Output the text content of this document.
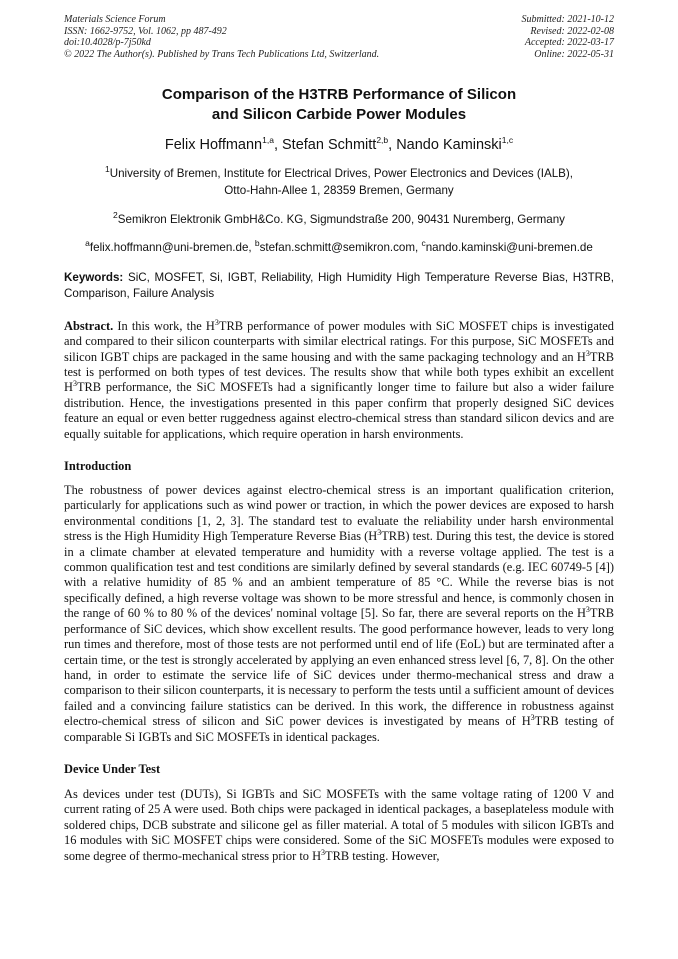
Materials Science Forum
ISSN: 1662-9752, Vol. 1062, pp 487-492
doi:10.4028/p-7j50kd
© 2022 The Author(s). Published by Trans Tech Publications Ltd, Switzerland.
Submitted: 2021-10-12
Revised: 2022-02-08
Accepted: 2022-03-17
Online: 2022-05-31
Comparison of the H3TRB Performance of Silicon
and Silicon Carbide Power Modules
Felix Hoffmann$^{1,a}$, Stefan Schmitt$^{2,b}$, Nando Kaminski$^{1,c}$
$^1$University of Bremen, Institute for Electrical Drives, Power Electronics and Devices (IALB),
Otto-Hahn-Allee 1, 28359 Bremen, Germany
$^2$Semikron Elektronik GmbH&Co. KG, Sigmundstraße 200, 90431 Nuremberg, Germany
$^a$felix.hoffmann@uni-bremen.de, $^b$stefan.schmitt@semikron.com, $^c$nando.kaminski@uni-bremen.de
Keywords: SiC, MOSFET, Si, IGBT, Reliability, High Humidity High Temperature Reverse Bias, H3TRB, Comparison, Failure Analysis
Abstract. In this work, the $H^3TRB$ performance of power modules with SiC MOSFET chips is investigated and compared to their silicon counterparts with similar electrical ratings. For this purpose, SiC MOSFETs and silicon IGBT chips are packaged in the same housing and with the same packaging technology and an $H^3TRB$ test is performed on both types of test devices. The results show that while both types exhibit an excellent $H^3TRB$ performance, the SiC MOSFETs had a significantly longer time to failure but also a wider failure distribution. Hence, the investigations presented in this paper confirm that properly designed SiC devices feature an equal or even better ruggedness against electro-chemical stress than standard silicon devics and are equally suitable for applications, which require operation in harsh environments.
Introduction
The robustness of power devices against electro-chemical stress is an important qualification criterion, particularly for applications such as wind power or traction, in which the power devices are exposed to harsh environmental conditions [1, 2, 3]. The standard test to evaluate the reliability under harsh environmental stress is the High Humidity High Temperature Reverse Bias $(H^3TRB)$ test. During this test, the device is stored in a climate chamber at elevated temperature and humidity with a reverse voltage applied. The test is a common qualification test and test conditions are similarly defined by several standards (e.g. IEC 60749-5 [4]) with a relative humidity of 85 % and an ambient temperature of 85 °C. While the reverse bias is not specifically defined, a high reverse voltage was shown to be more stressful and hence, is commonly chosen in the range of 60 % to 80 % of the devices' nominal voltage [5]. So far, there are several reports on the $H^3TRB$ performance of SiC devices, which show excellent results. The good performance however, leads to very long run times and therefore, most of those tests are not performed until end of life (EoL) but are terminated after a certain time, or the test is strongly accelerated by applying an even enhanced stress level [6, 7, 8]. On the other hand, in order to estimate the service life of SiC devices under thermo-mechanical stress and draw a comparison to their silicon counterparts, it is necessary to perform the tests until a sufficient amount of devices failed and a convincing failure statistics can be derived. In this work, the difference in robustness against electro-chemical stress of silicon and SiC power devices is investigated by means of $H^3TRB$ testing of comparable Si IGBTs and SiC MOSFETs in identical packages.
Device Under Test
As devices under test (DUTs), Si IGBTs and SiC MOSFETs with the same voltage rating of 1200 V and current rating of 25 A were used. Both chips were packaged in identical packages, a baseplateless module with soldered chips, DCB substrate and silicone gel as filler material. A total of 5 modules with silicon IGBTs and 16 modules with SiC MOSFET chips were considered. Some of the SiC MOSFETs modules were exposed to some degree of thermo-mechanical stress prior to $H^3TRB$ testing. However,
